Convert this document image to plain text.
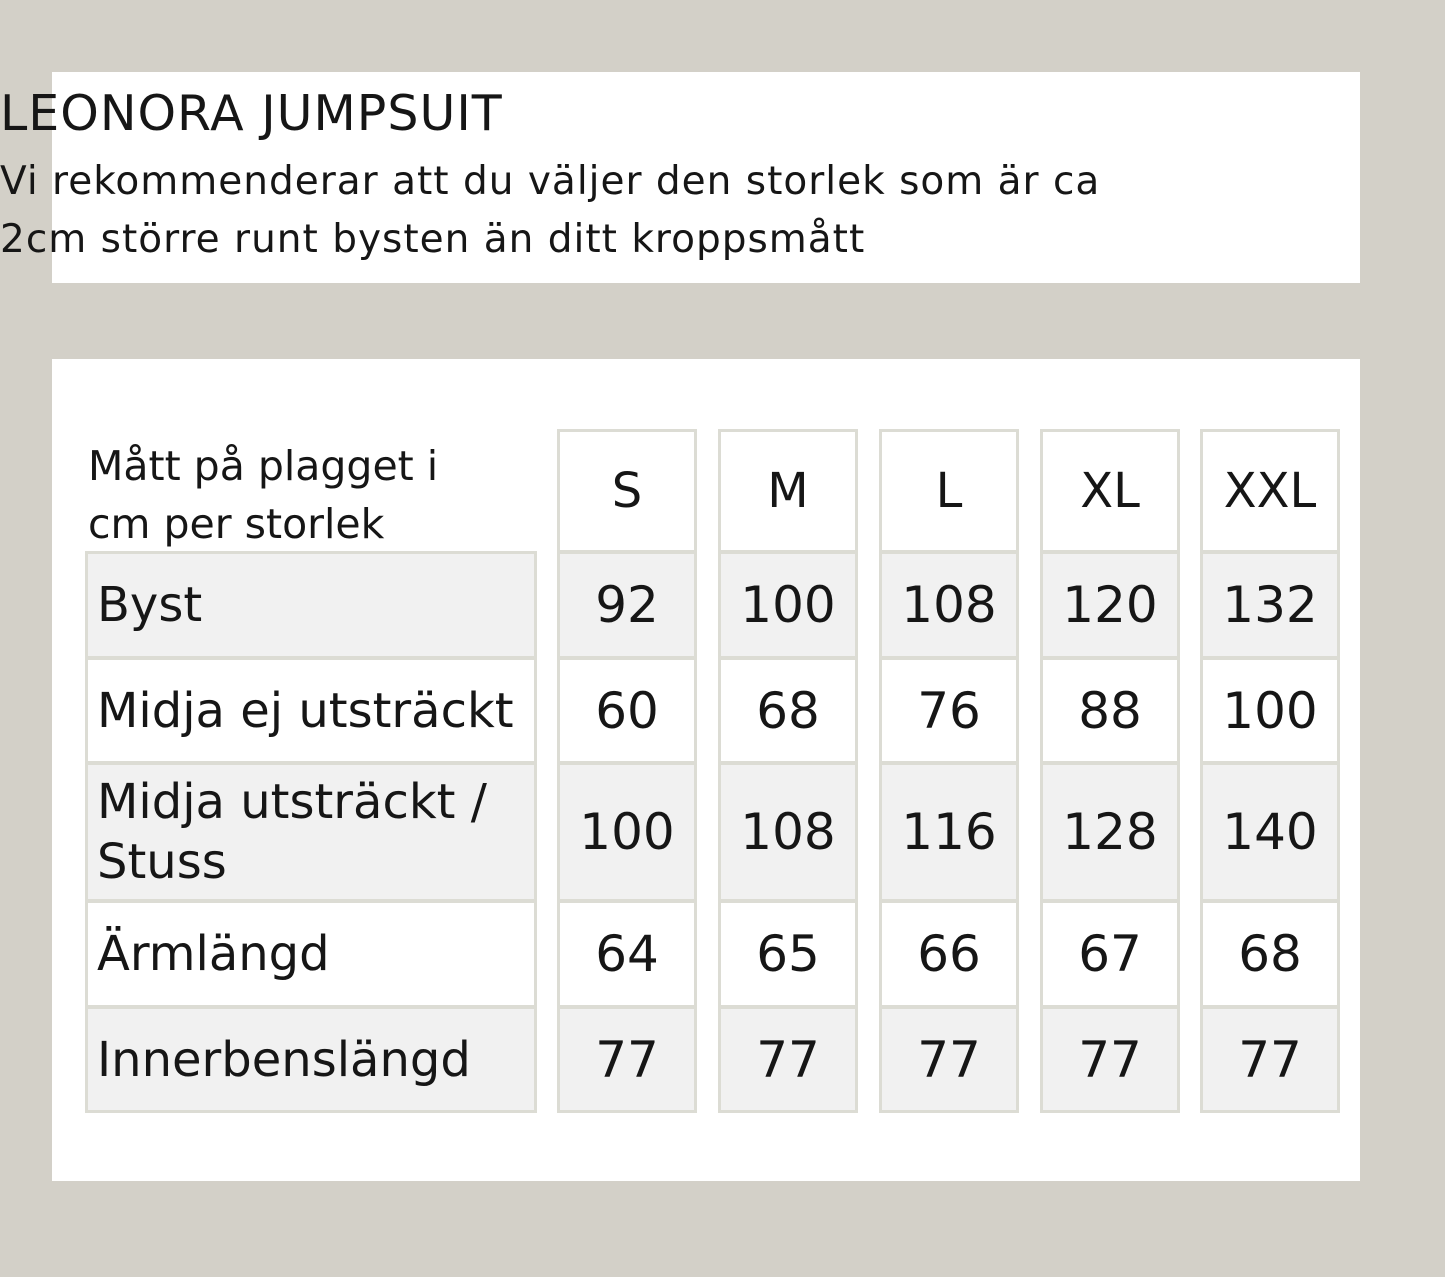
LEONORA JUMPSUIT
Vi rekommenderar att du väljer den storlek som är ca
2cm större runt bysten än ditt kroppsmått
Mått på plagget i
cm per storlek
S	M	L	XL	XXL
Byst	92	100	108	120	132
Midja ej utsträckt	60	68	76	88	100
Midja utsträckt /
Stuss
100	108	116	128	140
Ärmlängd	64	65	66	67	68
Innerbenslängd	77	77	77	77	77
